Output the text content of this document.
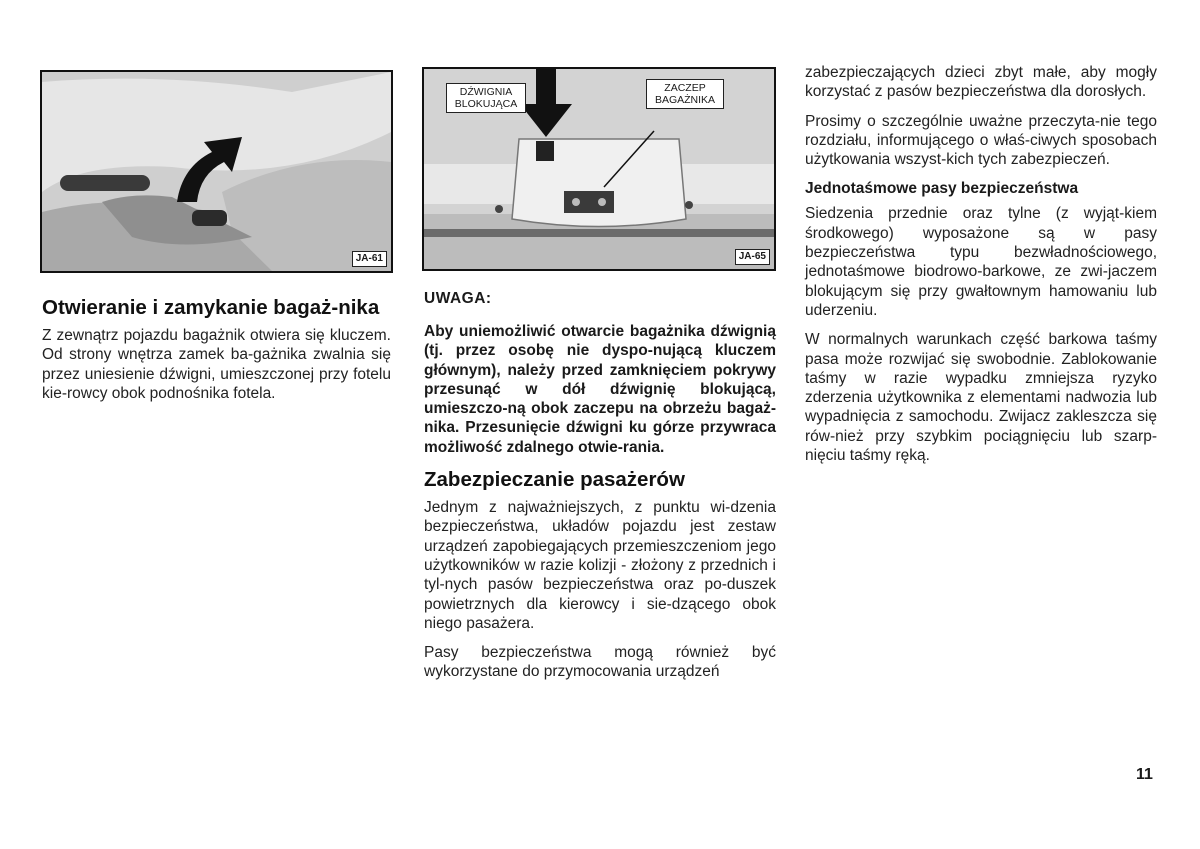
JA-61
DŹWIGNIA BLOKUJĄCA
ZACZEP BAGAŻNIKA
JA-65
Otwieranie i zamykanie bagaż-nika

Z zewnątrz pojazdu bagażnik otwiera się kluczem. Od strony wnętrza zamek ba-gażnika zwalnia się przez uniesienie dźwigni, umieszczonej przy fotelu kie-rowcy obok podnośnika fotela.

UWAGA:

Aby uniemożliwić otwarcie bagażnika dźwignią (tj. przez osobę nie dyspo-nującą kluczem głównym), należy przed zamknięciem pokrywy przesunąć w dół dźwignię blokującą, umieszczo-ną obok zaczepu na obrzeżu bagaż-nika. Przesunięcie dźwigni ku górze przywraca możliwość zdalnego otwie-rania.

Zabezpieczanie pasażerów

Jednym z najważniejszych, z punktu wi-dzenia bezpieczeństwa, układów pojazdu jest zestaw urządzeń zapobiegających przemieszczeniom jego użytkowników w razie kolizji - złożony z przednich i tyl-nych pasów bezpieczeństwa oraz po-duszek powietrznych dla kierowcy i sie-dzącego obok niego pasażera.

Pasy bezpieczeństwa mogą również być wykorzystane do przymocowania urządzeń

zabezpieczających dzieci zbyt małe, aby mogły korzystać z pasów bezpieczeństwa dla dorosłych.

Prosimy o szczególnie uważne przeczyta-nie tego rozdziału, informującego o właś-ciwych sposobach użytkowania wszyst-kich tych zabezpieczeń.

Jednotaśmowe pasy bezpieczeństwa

Siedzenia przednie oraz tylne (z wyjąt-kiem środkowego) wyposażone są w pasy bezpieczeństwa typu bezwładnościowego, jednotaśmowe biodrowo-barkowe, ze zwi-jaczem blokującym się przy gwałtownym hamowaniu lub uderzeniu.

W normalnych warunkach część barkowa taśmy pasa może rozwijać się swobodnie. Zablokowanie taśmy w razie wypadku zmniejsza ryzyko zderzenia użytkownika z elementami nadwozia lub wypadnięcia z samochodu. Zwijacz zakleszcza się rów-nież przy szybkim pociągnięciu lub szarp-nięciu taśmy ręką.

11
